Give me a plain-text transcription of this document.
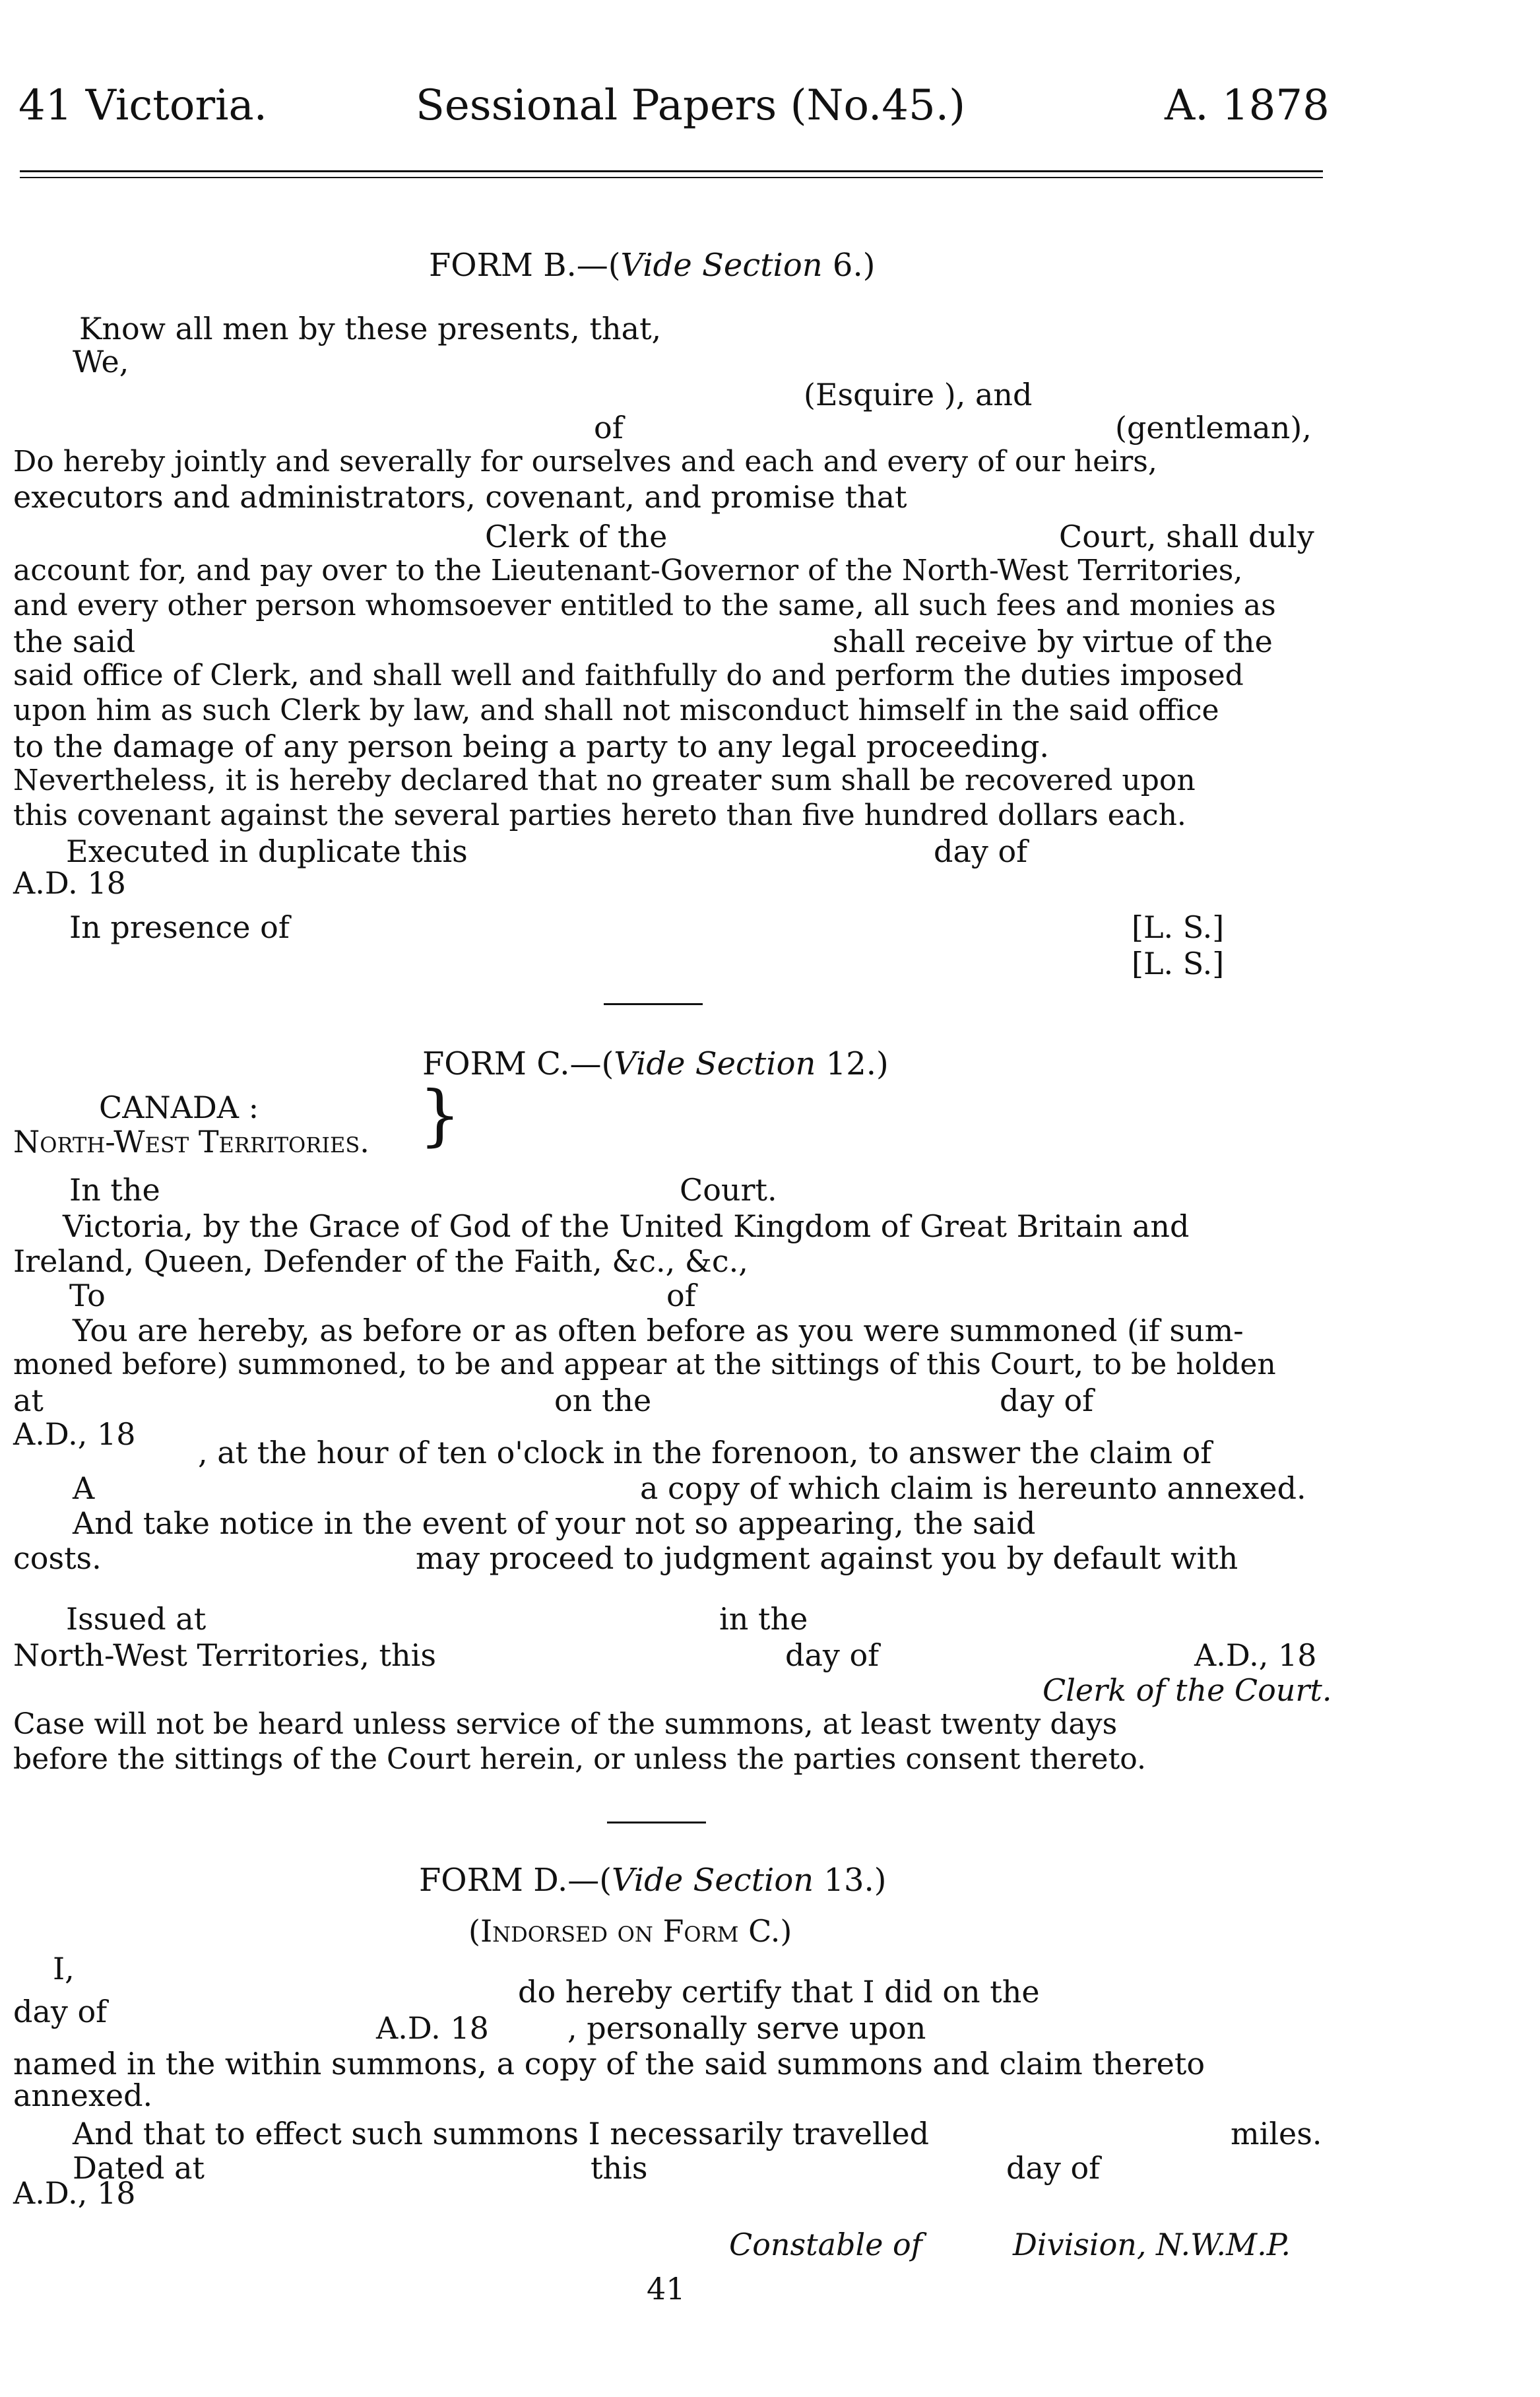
41 Victoria.	Sessional Papers (No.45.)	A. 1878
FORM B.—(Vide Section 6.)
Know all men by these presents, that,
We,
(Esquire ), and
of	(gentleman),
Do hereby jointly and severally for ourselves and each and every of our heirs,
executors and administrators, covenant, and promise that
Clerk of the	Court, shall duly
account for, and pay over to the Lieutenant-Governor of the North-West Territories,
and every other person whomsoever entitled to the same, all such fees and monies as
the said	shall receive by virtue of the
said office of Clerk, and shall well and faithfully do and perform the duties imposed
upon him as such Clerk by law, and shall not misconduct himself in the said office
to the damage of any person being a party to any legal proceeding.
Nevertheless, it is hereby declared that no greater sum shall be recovered upon
this covenant against the several parties hereto than five hundred dollars each.
Executed in duplicate this	day of
A.D. 18
In presence of	[L. S.]
[L. S.]
FORM C.—(Vide Section 12.)
CANADA :
North-West Territories. }
In the	Court.
Victoria, by the Grace of God of the United Kingdom of Great Britain and
Ireland, Queen, Defender of the Faith, &c., &c.,
To	of
You are hereby, as before or as often before as you were summoned (if sum-
moned before) summoned, to be and appear at the sittings of this Court, to be holden
at	on the	day of
A.D., 18
, at the hour of ten o'clock in the forenoon, to answer the claim of
A	a copy of which claim is hereunto annexed.
And take notice in the event of your not so appearing, the said
may proceed to judgment against you by default with
costs.
Issued at	in the
North-West Territories, this	day of	A.D., 18
Clerk of the Court.
Case will not be heard unless service of the summons, at least twenty days
before the sittings of the Court herein, or unless the parties consent thereto.
FORM D.—(Vide Section 13.)
(Indorsed on Form C.)
I,
do hereby certify that I did on the
day of	A.D. 18	, personally serve upon
named in the within summons, a copy of the said summons and claim thereto
annexed.
And that to effect such summons I necessarily travelled	miles.
Dated at	this	day of
A.D., 18
Constable of	Division, N.W.M.P.
41
